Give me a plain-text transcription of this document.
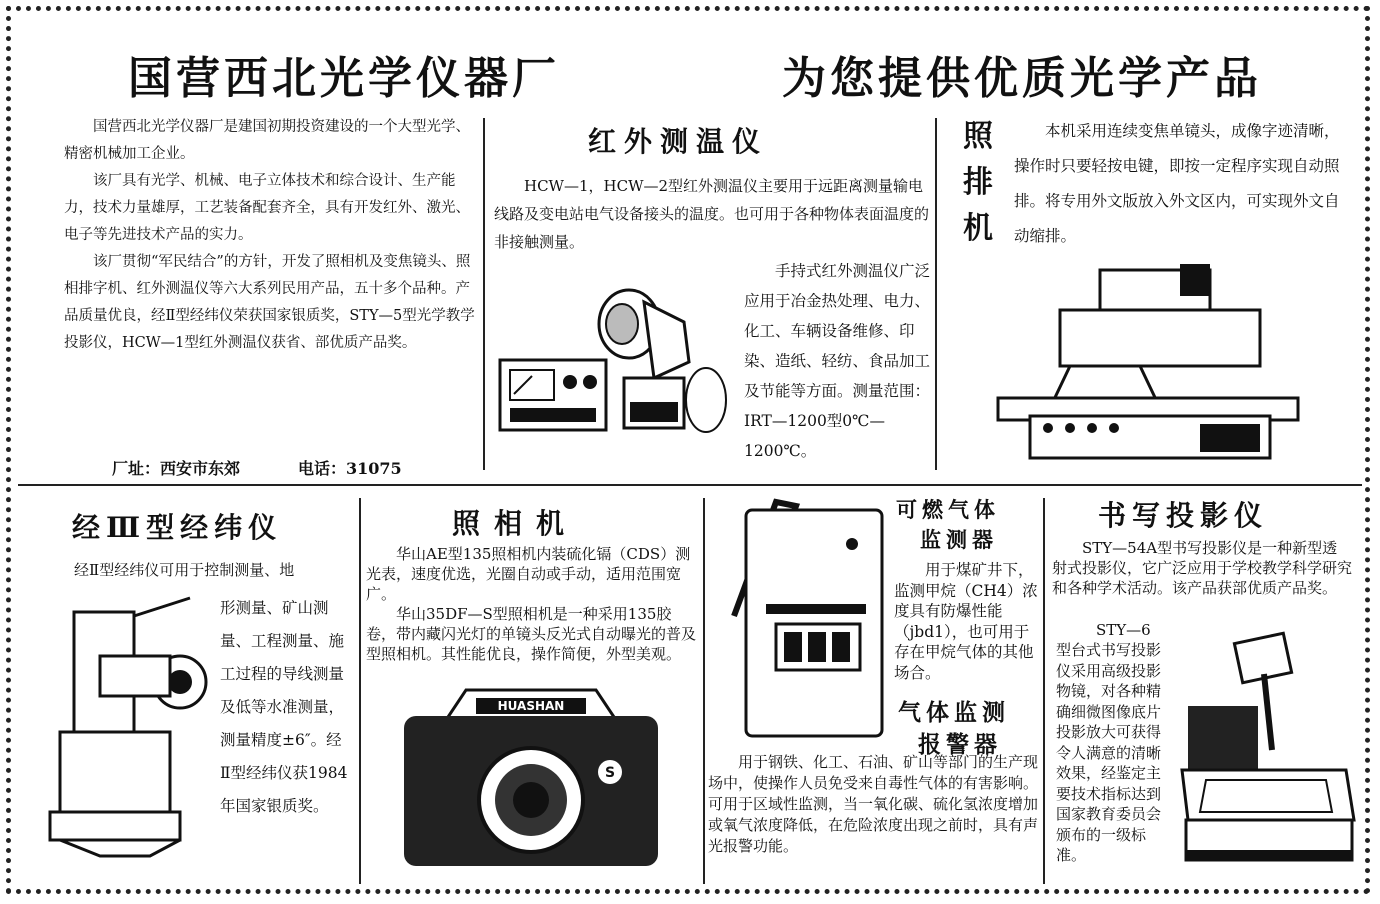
国营西北光学仪器厂	为您提供优质光学产品

国营西北光学仪器厂是建国初期投资建设的一个大型光学、精密机械加工企业。

该厂具有光学、机械、电子立体技术和综合设计、生产能力，技术力量雄厚，工艺装备配套齐全，具有开发红外、激光、电子等先进技术产品的实力。

该厂贯彻“军民结合”的方针，开发了照相机及变焦镜头、照相排字机、红外测温仪等六大系列民用产品，五十多个品种。产品质量优良，经Ⅱ型经纬仪荣获国家银质奖，STY—5型光学教学投影仪，HCW—1型红外测温仪获省、部优质产品奖。

厂址：西安市东郊	电话：31075
红外测温仪

HCW—1，HCW—2型红外测温仪主要用于远距离测量输电线路及变电站电气设备接头的温度。也可用于各种物体表面温度的非接触测量。

手持式红外测温仪广泛应用于冶金热处理、电力、化工、车辆设备维修、印染、造纸、轻纺、食品加工及节能等方面。测量范围：IRT—1200型0℃—1200℃。

照排机

本机采用连续变焦单镜头，成像字迹清晰，操作时只要轻按电键，即按一定程序实现自动照排。将专用外文版放入外文区内，可实现外文自动缩排。

经Ⅲ型经纬仪

经Ⅱ型经纬仪可用于控制测量、地

形测量、矿山测量、工程测量、施工过程的导线测量及低等水准测量，测量精度±6″。经Ⅱ型经纬仪获1984年国家银质奖。

照相机

华山AE型135照相机内装硫化镉（CDS）测光表，速度优选，光圈自动或手动，适用范围宽广。

华山35DF—S型照相机是一种采用135胶卷，带内藏闪光灯的单镜头反光式自动曝光的普及型照相机。其性能优良，操作简便，外型美观。

HUASHAN
S
可燃气体
监测器

用于煤矿井下，监测甲烷（CH4）浓度具有防爆性能（jbd1），也可用于存在甲烷气体的其他场合。

气体监测
报警器

用于钢铁、化工、石油、矿山等部门的生产现场中，使操作人员免受来自毒性气体的有害影响。可用于区域性监测，当一氧化碳、硫化氢浓度增加或氧气浓度降低，在危险浓度出现之前时，具有声光报警功能。

书写投影仪

STY—54A型书写投影仪是一种新型透射式投影仪，它广泛应用于学校教学科学研究和各种学术活动。该产品获部优质产品奖。

STY—6

型台式书写投影仪采用高级投影物镜，对各种精确细微图像底片投影放大可获得令人满意的清晰效果，经鉴定主要技术指标达到国家教育委员会颁布的一级标准。
